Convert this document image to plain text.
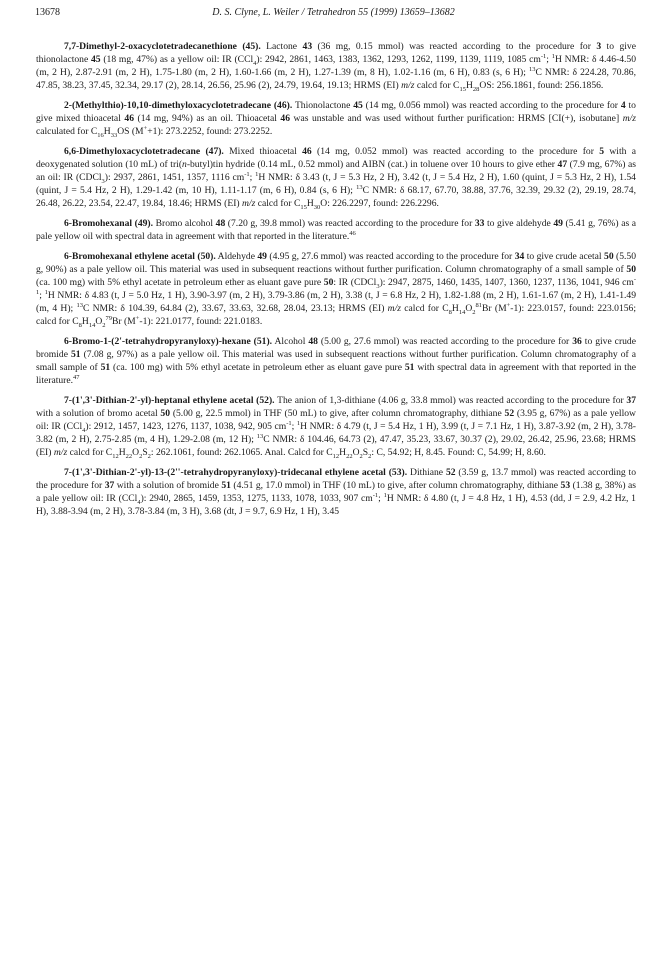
13678	D. S. Clyne, L. Weiler / Tetrahedron 55 (1999) 13659–13682

7,7-Dimethyl-2-oxacyclotetradecanethione (45). Lactone 43 (36 mg, 0.15 mmol) was reacted according to the procedure for 3 to give thionolactone 45 (18 mg, 47%) as a yellow oil: IR (CCl$_4$): 2942, 2861, 1463, 1383, 1362, 1293, 1262, 1199, 1139, 1119, 1085 $cm^{-1}$; $^1$H NMR: δ 4.46-4.50 (m, 2 H), 2.87-2.91 (m, 2 H), 1.75-1.80 (m, 2 H), 1.60-1.66 (m, 2 H), 1.27-1.39 (m, 8 H), 1.02-1.16 (m, 6 H), 0.83 (s, 6 H); $^{13}$C NMR: δ 224.28, 70.86, 47.85, 38.23, 37.45, 32.34, 29.17 (2), 28.14, 26.56, 25.96 (2), 24.79, 19.64, 19.13; HRMS (EI) m/z calcd for $C_{15}H_{28}OS$: 256.1861, found: 256.1856.

2-(Methylthio)-10,10-dimethyloxacyclotetradecane (46). Thionolactone 45 (14 mg, 0.056 mmol) was reacted according to the procedure for 4 to give mixed thioacetal 46 (14 mg, 94%) as an oil. Thioacetal 46 was unstable and was used without further purification: HRMS [CI(+), isobutane] m/z calculated for $C_{16}H_{33}OS$ (M++1): 273.2252, found: 273.2252.

6,6-Dimethyloxacyclotetradecane (47). Mixed thioacetal 46 (14 mg, 0.052 mmol) was reacted according to the procedure for 5 with a deoxygenated solution (10 mL) of tri(n-butyl)tin hydride (0.14 mL, 0.52 mmol) and AIBN (cat.) in toluene over 10 hours to give ether 47 (7.9 mg, 67%) as an oil: IR (CDCl$_3$): 2937, 2861, 1451, 1357, 1116 $cm^{-1}$; $^1$H NMR: δ 3.43 (t, J = 5.3 Hz, 2 H), 3.42 (t, J = 5.4 Hz, 2 H), 1.60 (quint, J = 5.3 Hz, 2 H), 1.54 (quint, J = 5.4 Hz, 2 H), 1.29-1.42 (m, 10 H), 1.11-1.17 (m, 6 H), 0.84 (s, 6 H); $^{13}$C NMR: δ 68.17, 67.70, 38.88, 37.76, 32.39, 29.32 (2), 29.19, 28.74, 26.48, 26.22, 23.54, 22.47, 19.84, 18.46; HRMS (EI) m/z calcd for $C_{15}H_{30}O$: 226.2297, found: 226.2296.

6-Bromohexanal (49). Bromo alcohol 48 (7.20 g, 39.8 mmol) was reacted according to the procedure for 33 to give aldehyde 49 (5.41 g, 76%) as a pale yellow oil with spectral data in agreement with that reported in the literature.$^{46}$

6-Bromohexanal ethylene acetal (50). Aldehyde 49 (4.95 g, 27.6 mmol) was reacted according to the procedure for 34 to give crude acetal 50 (5.50 g, 90%) as a pale yellow oil. This material was used in subsequent reactions without further purification. Column chromatography of a small sample of 50 (ca. 100 mg) with 5% ethyl acetate in petroleum ether as eluant gave pure 50: IR (CDCl$_3$): 2947, 2875, 1460, 1435, 1407, 1360, 1237, 1136, 1041, 946 $cm^{-1}$; $^1$H NMR: δ 4.83 (t, J = 5.0 Hz, 1 H), 3.90-3.97 (m, 2 H), 3.79-3.86 (m, 2 H), 3.38 (t, J = 6.8 Hz, 2 H), 1.82-1.88 (m, 2 H), 1.61-1.67 (m, 2 H), 1.41-1.49 (m, 4 H); $^{13}$C NMR: δ 104.39, 64.84 (2), 33.67, 33.63, 32.68, 28.04, 23.13; HRMS (EI) m/z calcd for $C_8H_{14}O_2^{81}Br$ (M+-1): 223.0157, found: 223.0156; calcd for $C_8H_{14}O_2^{79}Br$ (M+-1): 221.0177, found: 221.0183.

6-Bromo-1-(2'-tetrahydropyranyloxy)-hexane (51). Alcohol 48 (5.00 g, 27.6 mmol) was reacted according to the procedure for 36 to give crude bromide 51 (7.08 g, 97%) as a pale yellow oil. This material was used in subsequent reactions without further purification. Column chromatography of a small sample of 51 (ca. 100 mg) with 5% ethyl acetate in petroleum ether as eluant gave pure 51 with spectral data in agreement with that reported in the literature.$^{47}$

7-(1',3'-Dithian-2'-yl)-heptanal ethylene acetal (52). The anion of 1,3-dithiane (4.06 g, 33.8 mmol) was reacted according to the procedure for 37 with a solution of bromo acetal 50 (5.00 g, 22.5 mmol) in THF (50 mL) to give, after column chromatography, dithiane 52 (3.95 g, 67%) as a pale yellow oil: IR (CCl$_4$): 2912, 1457, 1423, 1276, 1137, 1038, 942, 905 $cm^{-1}$; $^1$H NMR: δ 4.79 (t, J = 5.4 Hz, 1 H), 3.99 (t, J = 7.1 Hz, 1 H), 3.87-3.92 (m, 2 H), 3.78-3.82 (m, 2 H), 2.75-2.85 (m, 4 H), 1.29-2.08 (m, 12 H); $^{13}$C NMR: δ 104.46, 64.73 (2), 47.47, 35.23, 33.67, 30.37 (2), 29.02, 26.42, 25.96, 23.68; HRMS (EI) m/z calcd for $C_{12}H_{22}O_2S_2$: 262.1061, found: 262.1065. Anal. Calcd for $C_{12}H_{22}O_2S_2$: C, 54.92; H, 8.45. Found: C, 54.99; H, 8.60.

7-(1',3'-Dithian-2'-yl)-13-(2''-tetrahydropyranyloxy)-tridecanal ethylene acetal (53). Dithiane 52 (3.59 g, 13.7 mmol) was reacted according to the procedure for 37 with a solution of bromide 51 (4.51 g, 17.0 mmol) in THF (10 mL) to give, after column chromatography, dithiane 53 (1.38 g, 38%) as a pale yellow oil: IR (CCl$_4$): 2940, 2865, 1459, 1353, 1275, 1133, 1078, 1033, 907 $cm^{-1}$; $^1$H NMR: δ 4.80 (t, J = 4.8 Hz, 1 H), 4.53 (dd, J = 2.9, 4.2 Hz, 1 H), 3.88-3.94 (m, 2 H), 3.78-3.84 (m, 3 H), 3.68 (dt, J = 9.7, 6.9 Hz, 1 H), 3.45
